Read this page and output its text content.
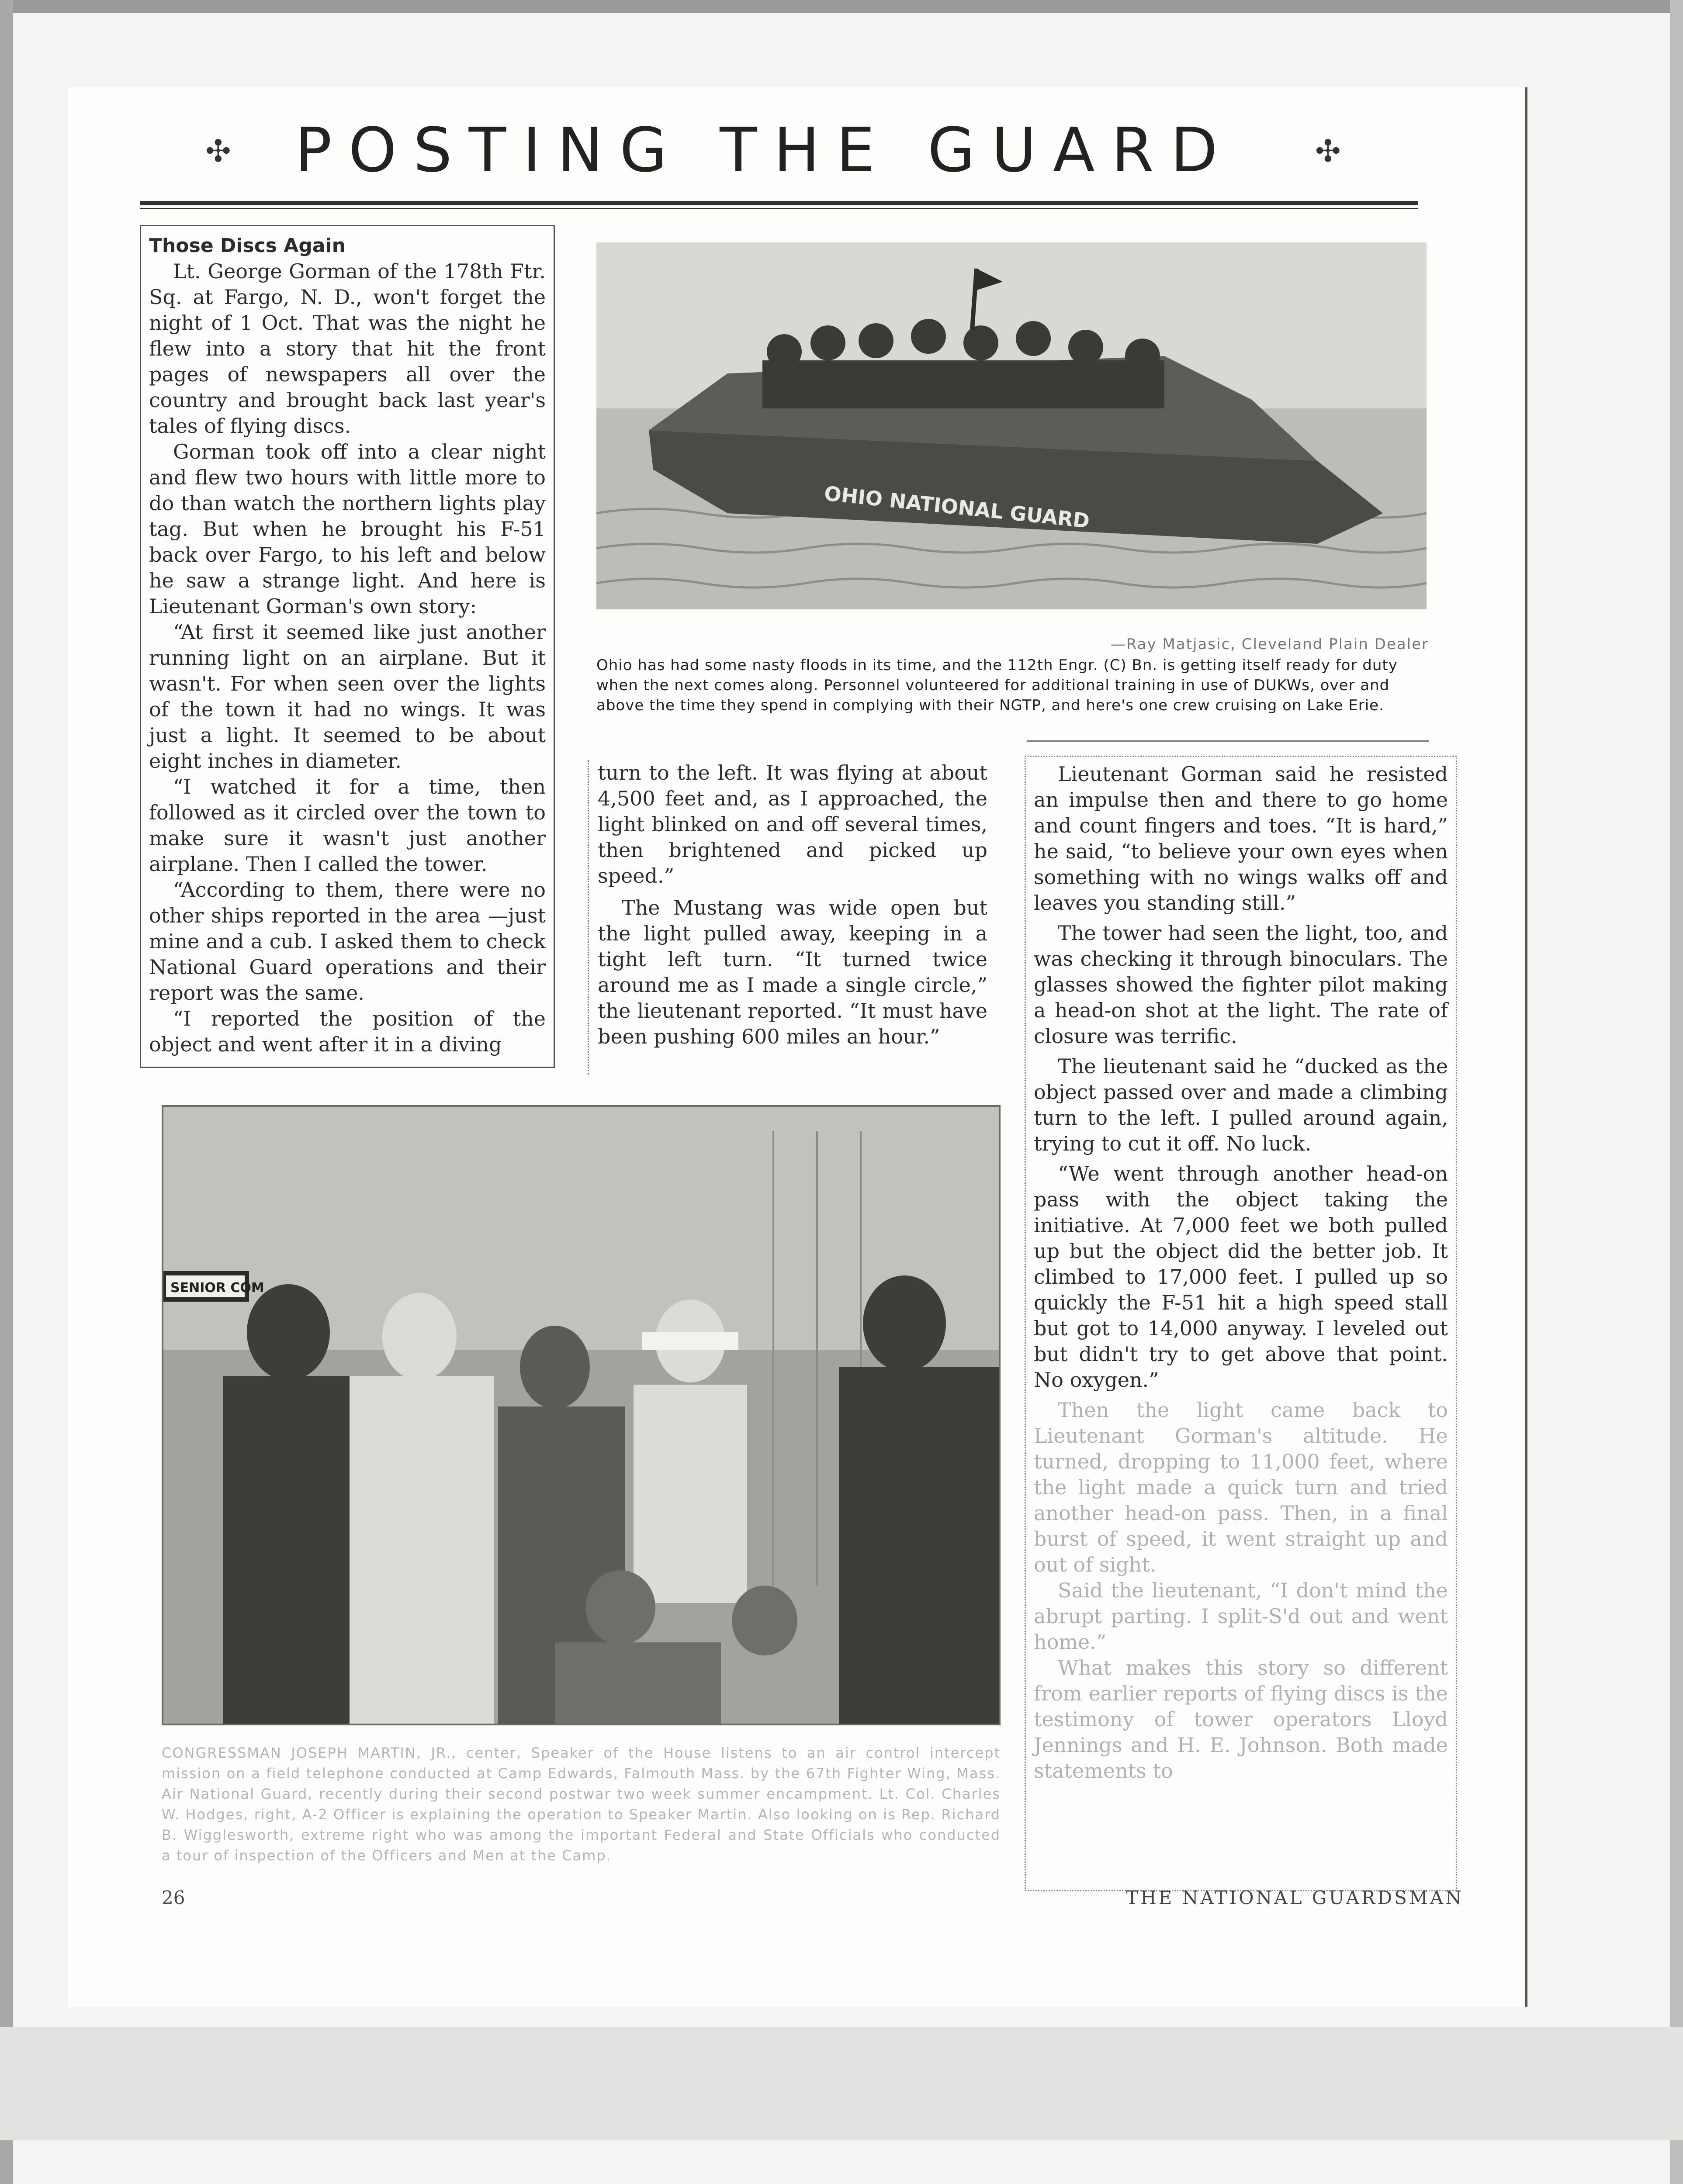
✣	POSTING THE GUARD	✣

Those Discs Again

Lt. George Gorman of the 178th Ftr. Sq. at Fargo, N. D., won't forget the night of 1 Oct. That was the night he flew into a story that hit the front pages of newspapers all over the country and brought back last year's tales of flying discs.

Gorman took off into a clear night and flew two hours with little more to do than watch the northern lights play tag. But when he brought his F-51 back over Fargo, to his left and below he saw a strange light. And here is Lieutenant Gorman's own story:

“At first it seemed like just another running light on an airplane. But it wasn't. For when seen over the lights of the town it had no wings. It was just a light. It seemed to be about eight inches in diameter.

“I watched it for a time, then followed as it circled over the town to make sure it wasn't just another airplane. Then I called the tower.

“According to them, there were no other ships reported in the area —just mine and a cub. I asked them to check National Guard operations and their report was the same.

“I reported the position of the object and went after it in a diving

OHIO NATIONAL GUARD
—Ray Matjasic, Cleveland Plain Dealer
Ohio has had some nasty floods in its time, and the 112th Engr. (C) Bn. is getting itself ready for duty when the next comes along. Personnel volunteered for additional training in use of DUKWs, over and above the time they spend in complying with their NGTP, and here's one crew cruising on Lake Erie.

turn to the left. It was flying at about 4,500 feet and, as I approached, the light blinked on and off several times, then brightened and picked up speed.”

The Mustang was wide open but the light pulled away, keeping in a tight left turn. “It turned twice around me as I made a single circle,” the lieutenant reported. “It must have been pushing 600 miles an hour.”

Lieutenant Gorman said he resisted an impulse then and there to go home and count fingers and toes. “It is hard,” he said, “to believe your own eyes when something with no wings walks off and leaves you standing still.”

The tower had seen the light, too, and was checking it through binoculars. The glasses showed the fighter pilot making a head-on shot at the light. The rate of closure was terrific.

The lieutenant said he “ducked as the object passed over and made a climbing turn to the left. I pulled around again, trying to cut it off. No luck.

“We went through another head-on pass with the object taking the initiative. At 7,000 feet we both pulled up but the object did the better job. It climbed to 17,000 feet. I pulled up so quickly the F-51 hit a high speed stall but got to 14,000 anyway. I leveled out but didn't try to get above that point. No oxygen.”

Then the light came back to Lieutenant Gorman's altitude. He turned, dropping to 11,000 feet, where the light made a quick turn and tried another head-on pass. Then, in a final burst of speed, it went straight up and out of sight.

Said the lieutenant, “I don't mind the abrupt parting. I split-S'd out and went home.”

What makes this story so different from earlier reports of flying discs is the testimony of tower operators Lloyd Jennings and H. E. Johnson. Both made statements to

SENIOR COM
CONGRESSMAN JOSEPH MARTIN, JR., center, Speaker of the House listens to an air control intercept mission on a field telephone conducted at Camp Edwards, Falmouth Mass. by the 67th Fighter Wing, Mass. Air National Guard, recently during their second postwar two week summer encampment. Lt. Col. Charles W. Hodges, right, A-2 Officer is explaining the operation to Speaker Martin. Also looking on is Rep. Richard B. Wigglesworth, extreme right who was among the important Federal and State Officials who conducted a tour of inspection of the Officers and Men at the Camp.
26	THE NATIONAL GUARDSMAN
